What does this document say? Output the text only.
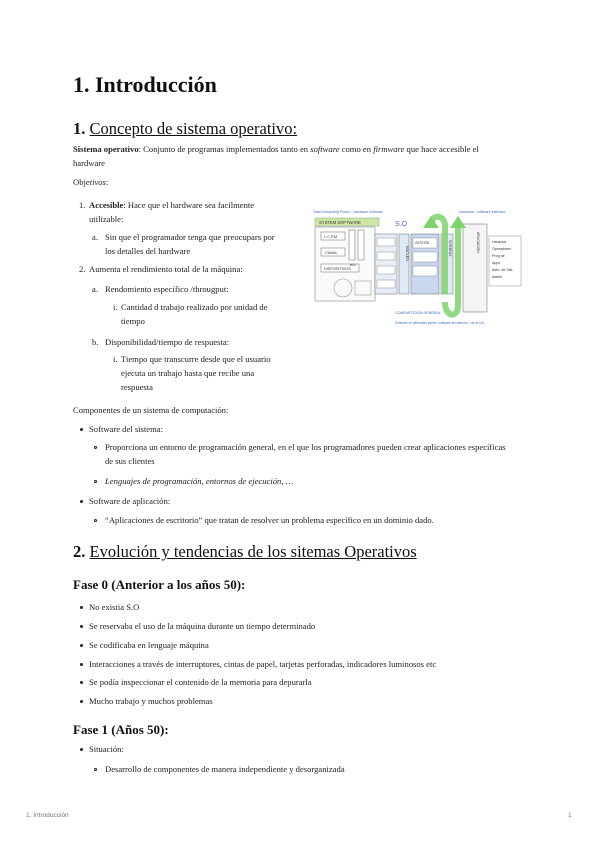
1. Introducción
1. Concepto de sistema operativo:
Sistema operativo: Conjunto de programas implementados tanto en software como en firmware que hace accesible el
hardware
Objetivos:
1. Accesible: Hace que el hardware sea facilmente
utilizable:
a. Sin que el programador tenga que preocupars por
los detalles del hardware
2. Aumenta el rendimiento total de la máquina:
a. Rendomiento específico /througput:
i. Cantidad d trabajo realizado por unidad de
tiempo
b. Disponibilidad/tiempo de respuesta:
i. Tiempo que transcurre desde que el usuario
ejecuta un trabajo hasta que recibe una
respuesta
Total Computing Power - hardware software	hardware - software interface
S.O
SYSTEM SOFTWARE
L.C.P.M
CANAL
DISPOSITIVOS
BUS
NÚCLEO
GESTIÓN	INTERFAZ	APLICACIÓN	Usuarios
Operadores
Prog de
Apps
Adm. de Sist.
Admin
COMPARTICIÓN GENERAL
Software en diferentes partes: software del sistema - ver el 101
Componentes de un sistema de computación:
Software del sistema:
Proporciona un entorno de programación general, en el que los programadores pueden crear aplicaciones específicas
de sus clientes
Lenguajes de programación, entornos de ejecución, …
Software de aplicación:
“Aplicaciones de escritorio” que tratan de resolver un problema específico en un dominio dado.
2. Evolución y tendencias de los sitemas Operativos
Fase 0 (Anterior a los años 50):
No existia S.O
Se reservaba el uso de la máquina durante un tiempo determinado
Se codificaba en lenguaje máquina
Interacciones a través de interruptores, cintas de papel, tarjetas perforadas, indicadores luminosos etc
Se podía inspeccionar el contenido de la memoria para depurarla
Mucho trabajo y muchos problemas
Fase 1 (Años 50):
Situación:
Desarrollo de componentes de manera independiente y desorganizada
1. Introducción	1
